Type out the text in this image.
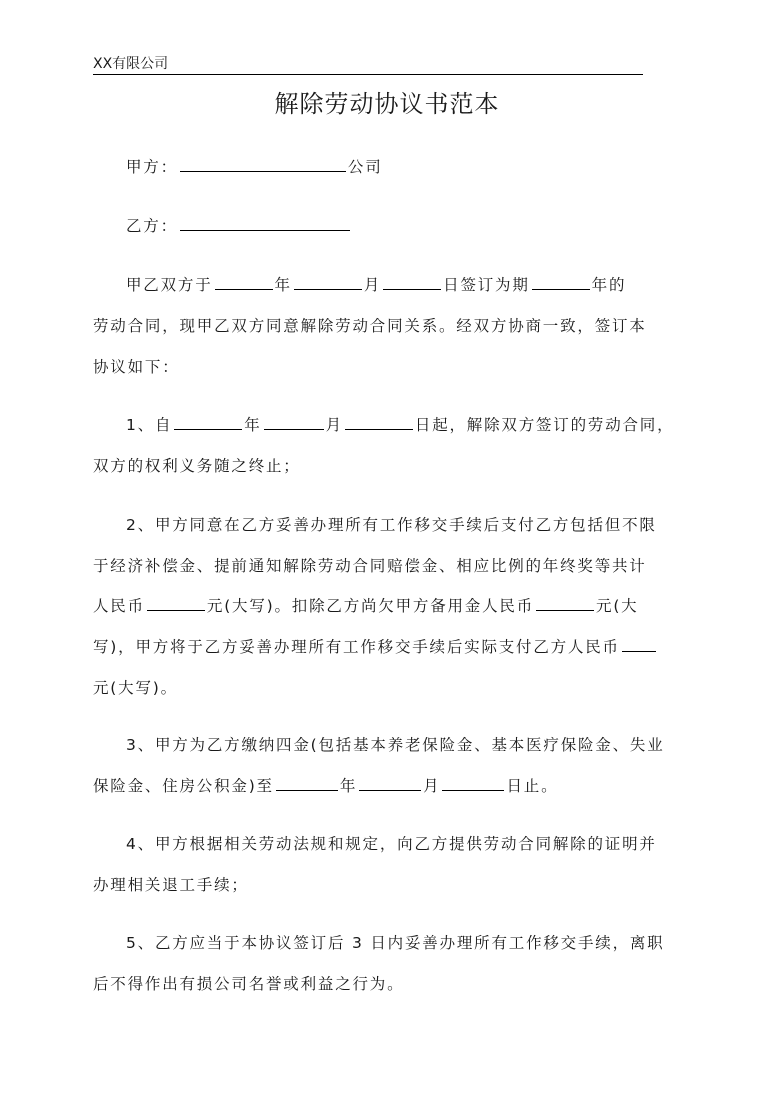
XX有限公司
解除劳动协议书范本
甲方：	公司
乙方：
甲乙双方于	年	月	日签订为期	年的
劳动合同，现甲乙双方同意解除劳动合同关系。经双方协商一致，签订本
协议如下：
1、自	年	月	日起，解除双方签订的劳动合同，
双方的权利义务随之终止；
2、甲方同意在乙方妥善办理所有工作移交手续后支付乙方包括但不限
于经济补偿金、提前通知解除劳动合同赔偿金、相应比例的年终奖等共计
人民币	元(大写)。扣除乙方尚欠甲方备用金人民币	元(大
写)，甲方将于乙方妥善办理所有工作移交手续后实际支付乙方人民币
元(大写)。
3、甲方为乙方缴纳四金(包括基本养老保险金、基本医疗保险金、失业
保险金、住房公积金)至	年	月	日止。
4、甲方根据相关劳动法规和规定，向乙方提供劳动合同解除的证明并
办理相关退工手续；
5、乙方应当于本协议签订后 3 日内妥善办理所有工作移交手续，离职
后不得作出有损公司名誉或利益之行为。
